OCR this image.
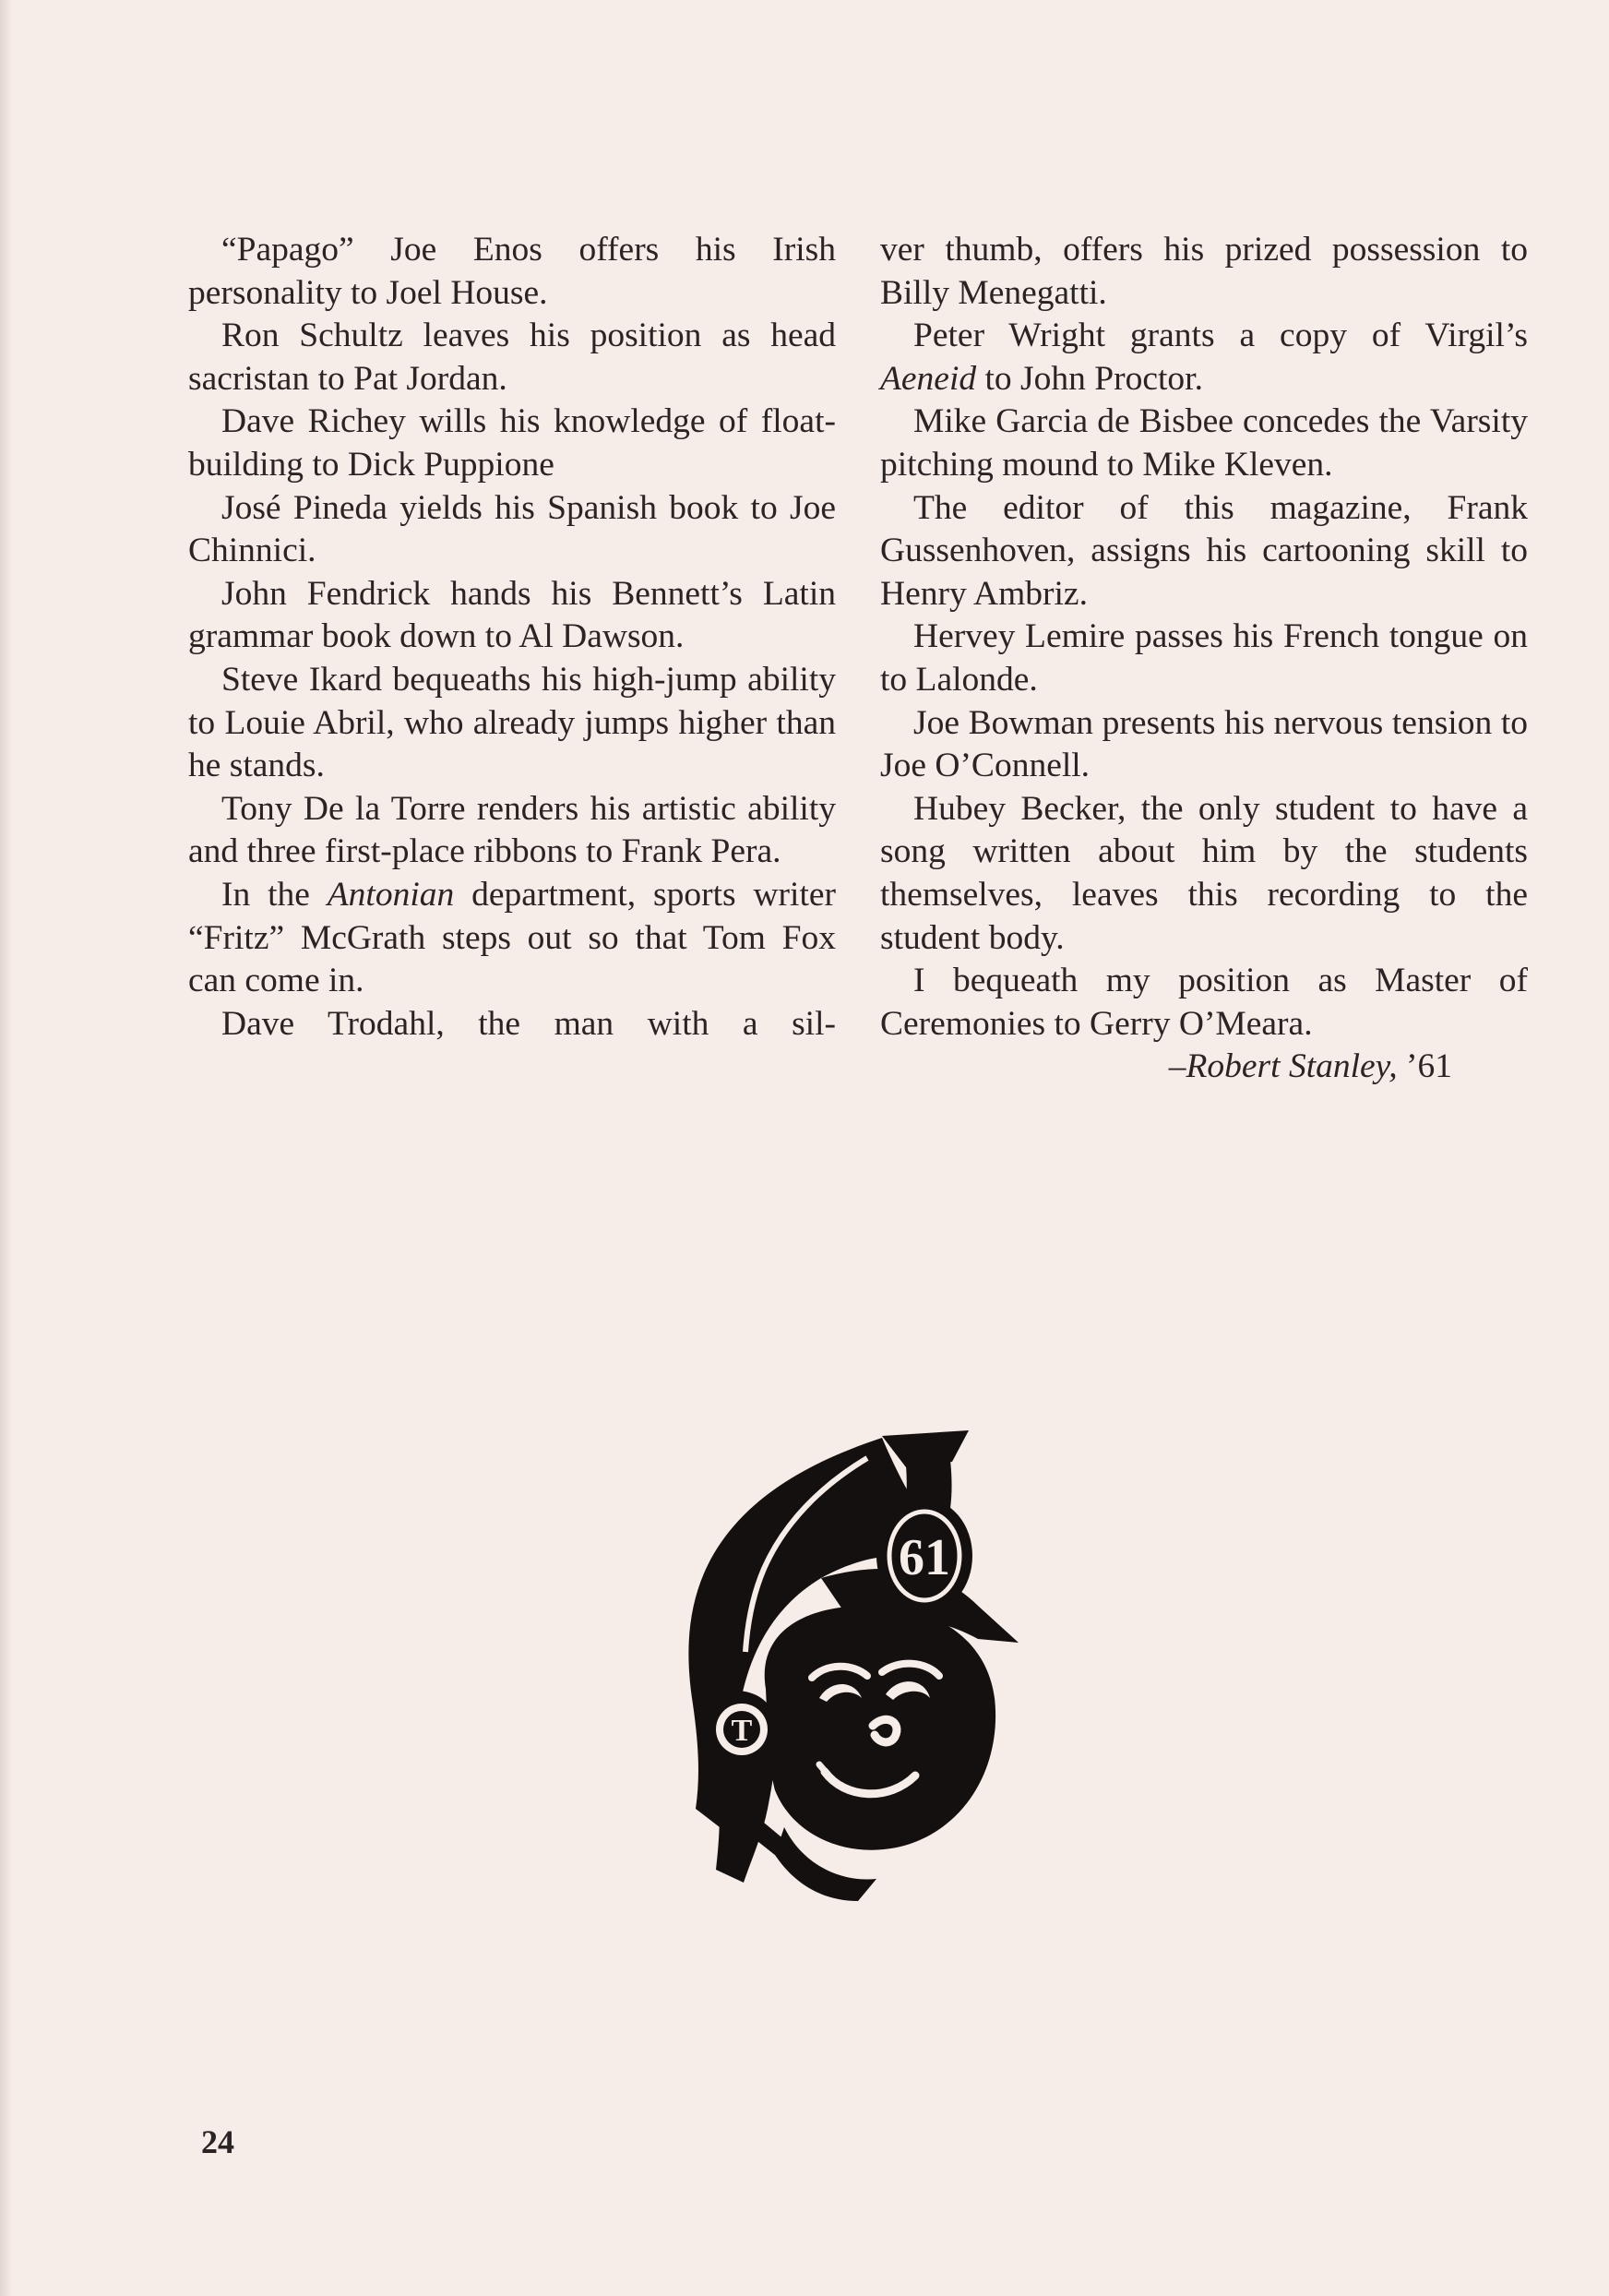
“Papago” Joe Enos offers his Irish personality to Joel House.

Ron Schultz leaves his position as head sacristan to Pat Jordan.

Dave Richey wills his knowledge of float-building to Dick Puppione

José Pineda yields his Spanish book to Joe Chinnici.

John Fendrick hands his Bennett’s Latin grammar book down to Al Dawson.

Steve Ikard bequeaths his high-jump ability to Louie Abril, who already jumps higher than he stands.

Tony De la Torre renders his artistic ability and three first-place ribbons to Frank Pera.

In the Antonian department, sports writer “Fritz” McGrath steps out so that Tom Fox can come in.

Dave Trodahl, the man with a sil-

ver thumb, offers his prized possession to Billy Menegatti.

Peter Wright grants a copy of Virgil’s Aeneid to John Proctor.

Mike Garcia de Bisbee concedes the Varsity pitching mound to Mike Kleven.

The editor of this magazine, Frank Gussenhoven, assigns his cartooning skill to Henry Ambriz.

Hervey Lemire passes his French tongue on to Lalonde.

Joe Bowman presents his nervous tension to Joe O’Connell.

Hubey Becker, the only student to have a song written about him by the students themselves, leaves this recording to the student body.

I bequeath my position as Master of Ceremonies to Gerry O’Meara.

–Robert Stanley, ’61

61
T
24
